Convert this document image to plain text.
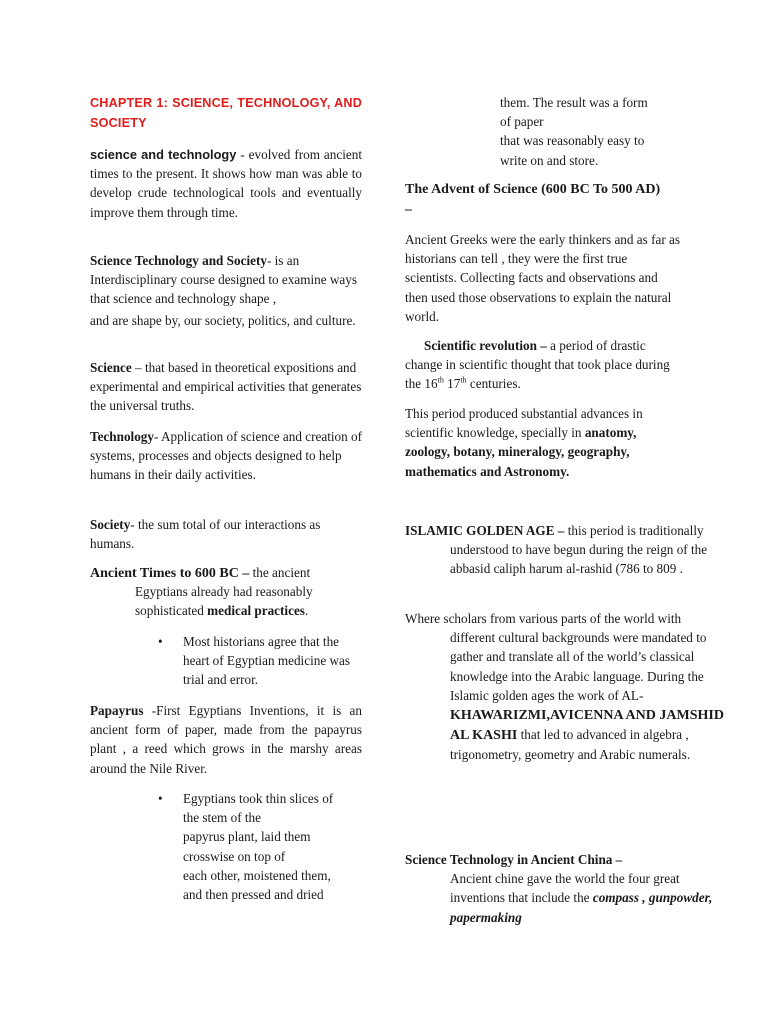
CHAPTER 1: SCIENCE, TECHNOLOGY, AND

SOCIETY

science and technology - evolved from ancient times to the present. It shows how man was able to develop crude technological tools and eventually improve them through time.

Science Technology and Society- is an Interdisciplinary course designed to examine ways that science and technology shape ,

and are shape by, our society, politics, and culture.

Science – that based in theoretical expositions and experimental and empirical activities that generates the universal truths.

Technology- Application of science and creation of systems, processes and objects designed to help humans in their daily activities.

Society- the sum total of our interactions as humans.

Ancient Times to 600 BC – the ancient

Egyptians already had reasonably

sophisticated medical practices.

• Most historians agree that the heart of Egyptian medicine was trial and error.

Papayrus -First Egyptians Inventions, it is an ancient form of paper, made from the papayrus plant , a reed which grows in the marshy areas around the Nile River.

• Egyptians took thin slices of

the stem of the

papyrus plant, laid them

crosswise on top of

each other, moistened them,

and then pressed and dried

them. The result was a form

of paper

that was reasonably easy to

write on and store.

The Advent of Science (600 BC To 500 AD) –

Ancient Greeks were the early thinkers and as far as historians can tell , they were the first true scientists. Collecting facts and observations and then used those observations to explain the natural world.

Scientific revolution – a period of drastic change in scientific thought that took place during the 16th 17th centuries.

This period produced substantial advances in scientific knowledge, specially in anatomy, zoology, botany, mineralogy, geography, mathematics and Astronomy.

ISLAMIC GOLDEN AGE – this period is traditionally understood to have begun during the reign of the abbasid caliph harum al-rashid (786 to 809 .

Where scholars from various parts of the world with different cultural backgrounds were mandated to gather and translate all of the world’s classical knowledge into the Arabic language. During the Islamic golden ages the work of AL-KHAWARIZMI,AVICENNA AND JAMSHID AL KASHI that led to advanced in algebra , trigonometry, geometry and Arabic numerals.

Science Technology in Ancient China –
Ancient chine gave the world the four great inventions that include the compass , gunpowder, papermaking
